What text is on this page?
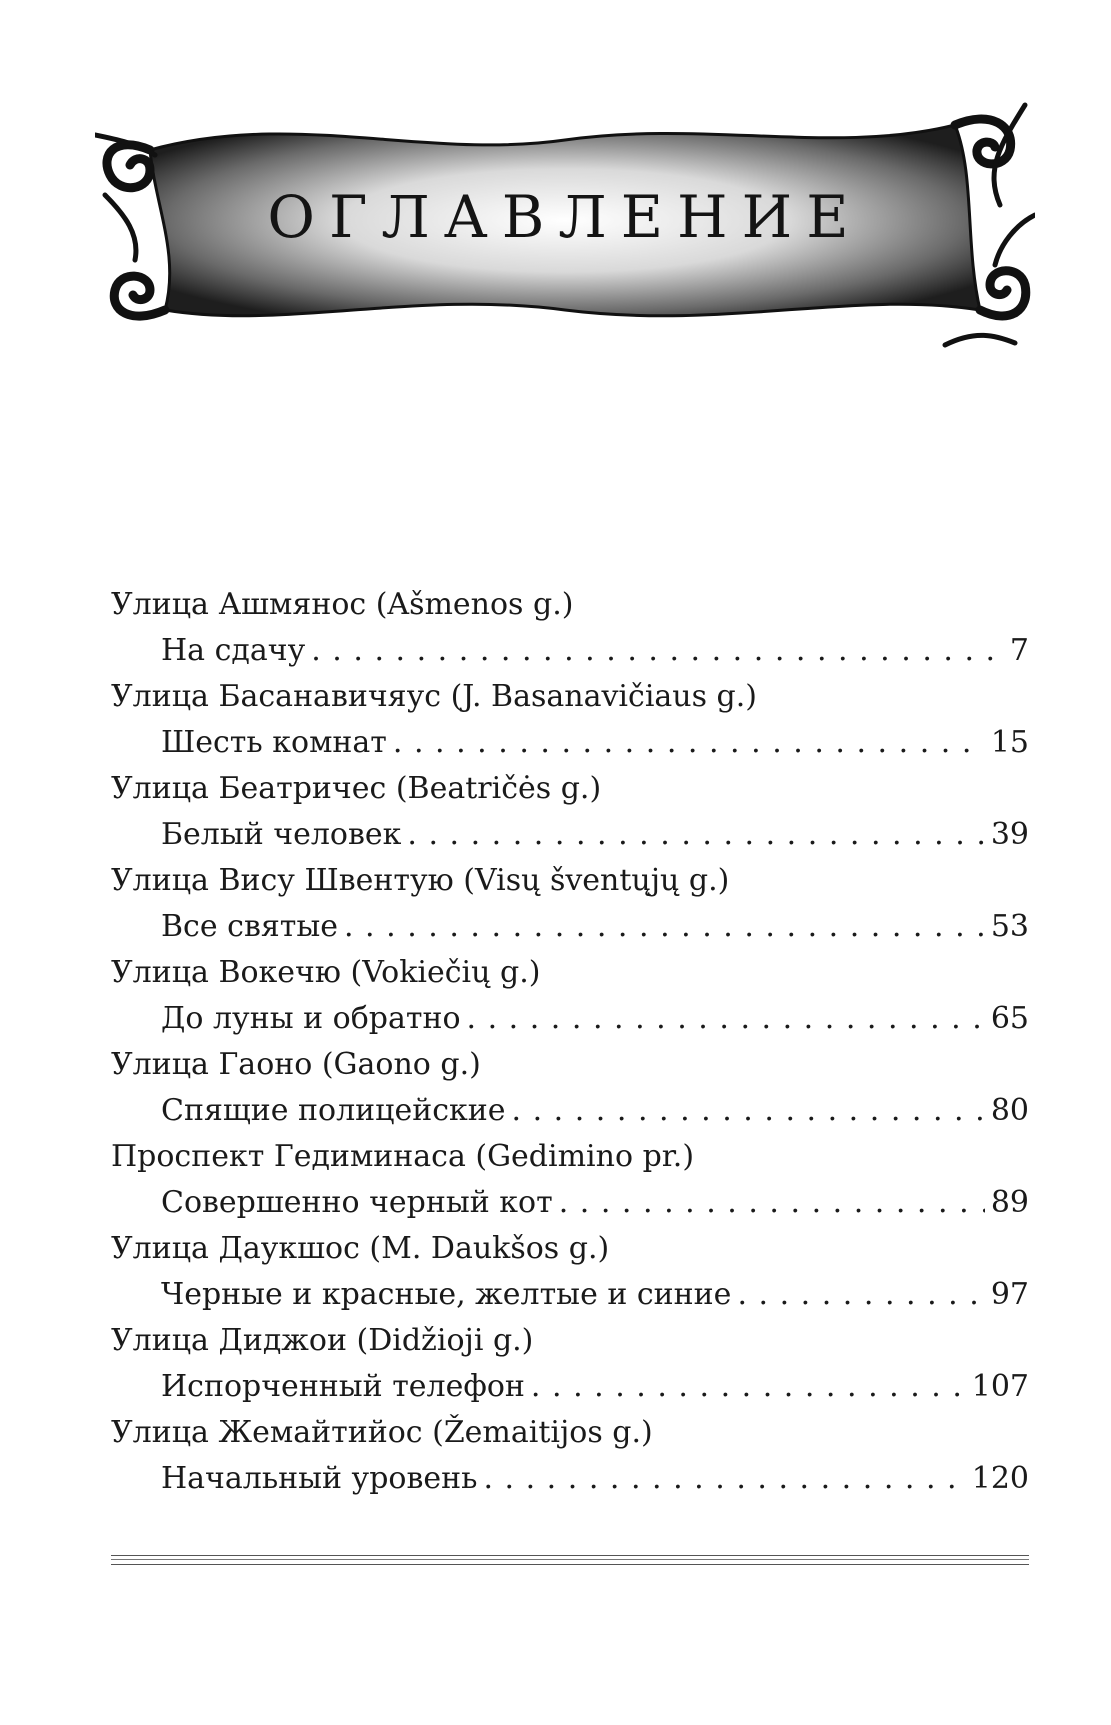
ОГЛАВЛЕНИЕ
Улица Ашмянос (Ašmenos g.)
На сдачу . . .	7
Улица Басанавичяус (J. Basanavičiaus g.)
Шесть комнат . . .	15
Улица Беатричес (Beatričės g.)
Белый человек . . .	39
Улица Вису Швентую (Visų šventųjų g.)
Все святые . . .	53
Улица Вокечю (Vokiečių g.)
До луны и обратно . . .	65
Улица Гаоно (Gaono g.)
Спящие полицейские . . .	80
Проспект Гедиминаса (Gedimino pr.)
Совершенно черный кот . . .	89
Улица Даукшос (M. Daukšos g.)
Черные и красные, желтые и синие . . .	97
Улица Диджои (Didžioji g.)
Испорченный телефон . . .	107
Улица Жемайтийос (Žemaitijos g.)
Начальный уровень . . .	120
